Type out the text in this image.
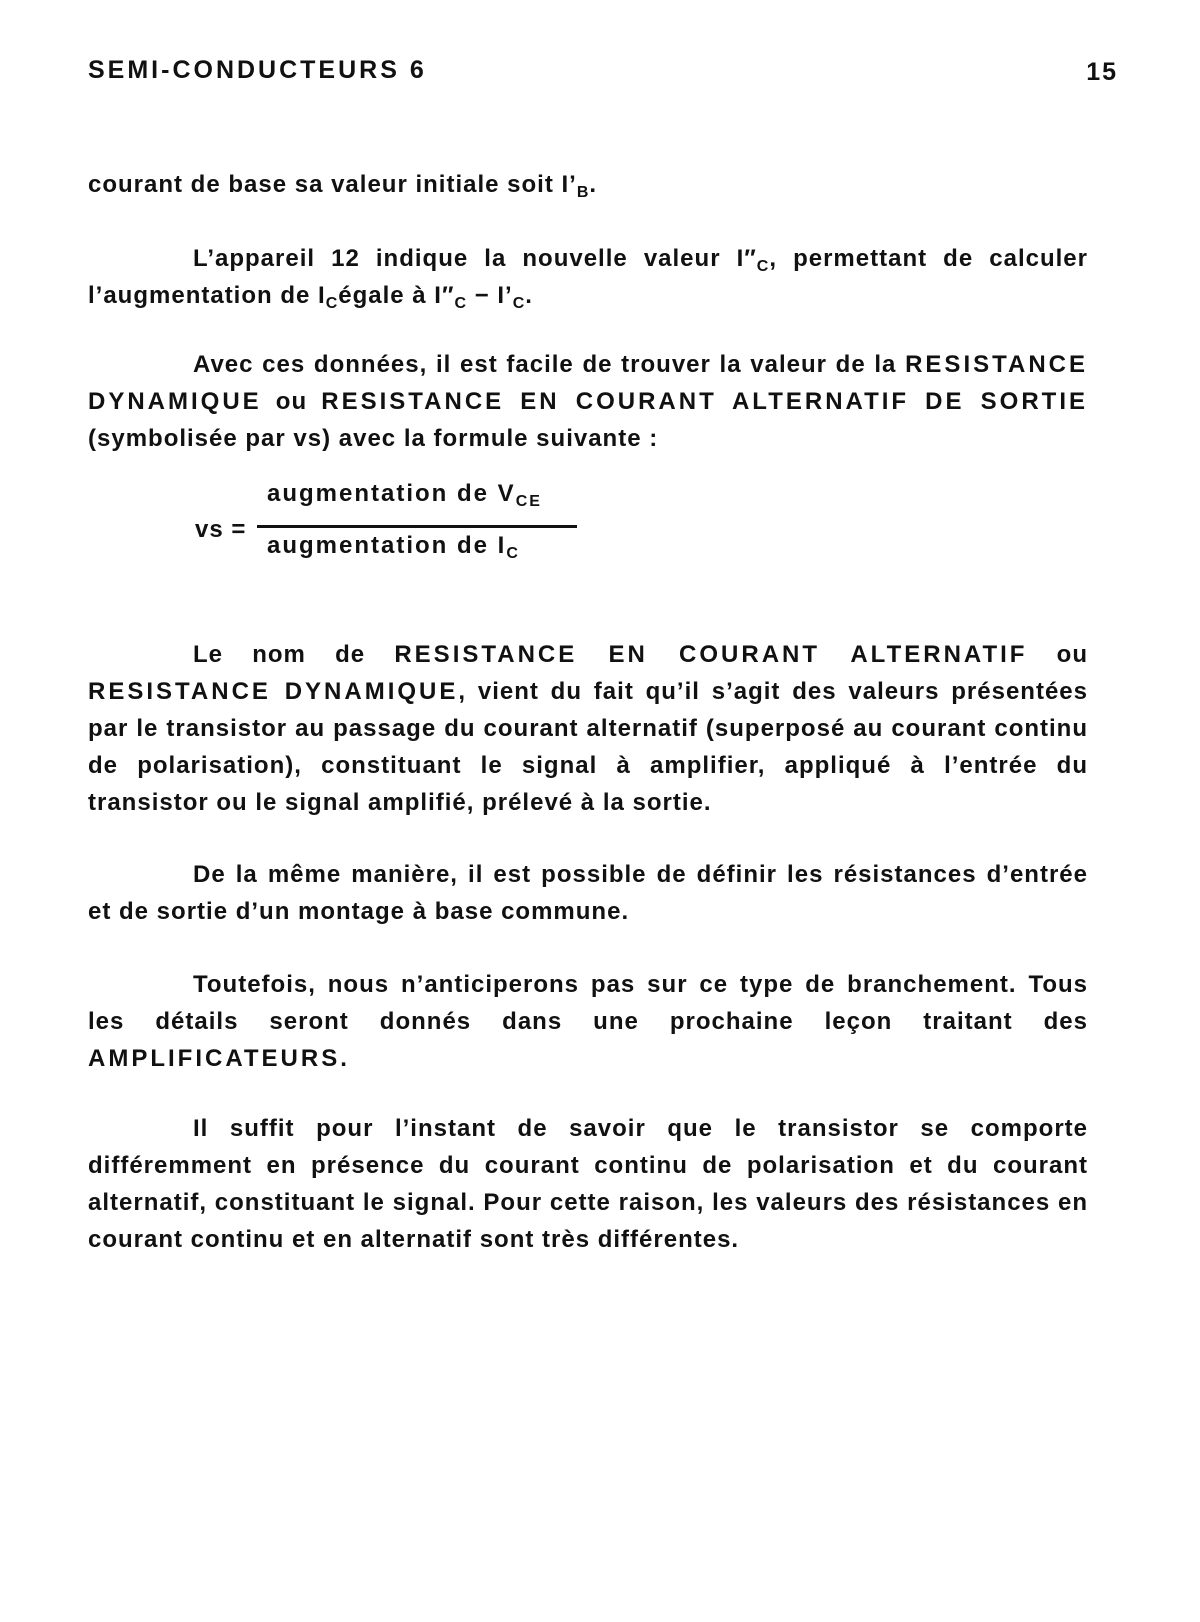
SEMI-CONDUCTEURS 6	15
courant de base sa valeur initiale soit $I’_B$.
L’appareil 12 indique la nouvelle valeur $I''_C$, permettant de calculer l’augmentation de $I_Cégale$ à $I''_C$ − $I’_C$.
Avec ces données, il est facile de trouver la valeur de la RESISTANCE DYNAMIQUE ou RESISTANCE EN COURANT ALTERNATIF DE SORTIE (symbolisée par vs) avec la formule suivante :
vs =
augmentation de $V_{CE}$
augmentation de $I_C$
Le nom de RESISTANCE EN COURANT ALTERNATIF ou RESISTANCE DYNAMIQUE, vient du fait qu’il s’agit des valeurs présentées par le transistor au passage du courant alternatif (superposé au courant continu de polarisation), constituant le signal à amplifier, appliqué à l’entrée du transistor ou le signal amplifié, prélevé à la sortie.
De la même manière, il est possible de définir les résistances d’entrée et de sortie d’un montage à base commune.
Toutefois, nous n’anticiperons pas sur ce type de branchement. Tous les détails seront donnés dans une prochaine leçon traitant des AMPLIFICATEURS.
Il suffit pour l’instant de savoir que le transistor se comporte différemment en présence du courant continu de polarisation et du courant alternatif, constituant le signal. Pour cette raison, les valeurs des résistances en courant continu et en alternatif sont très différentes.
